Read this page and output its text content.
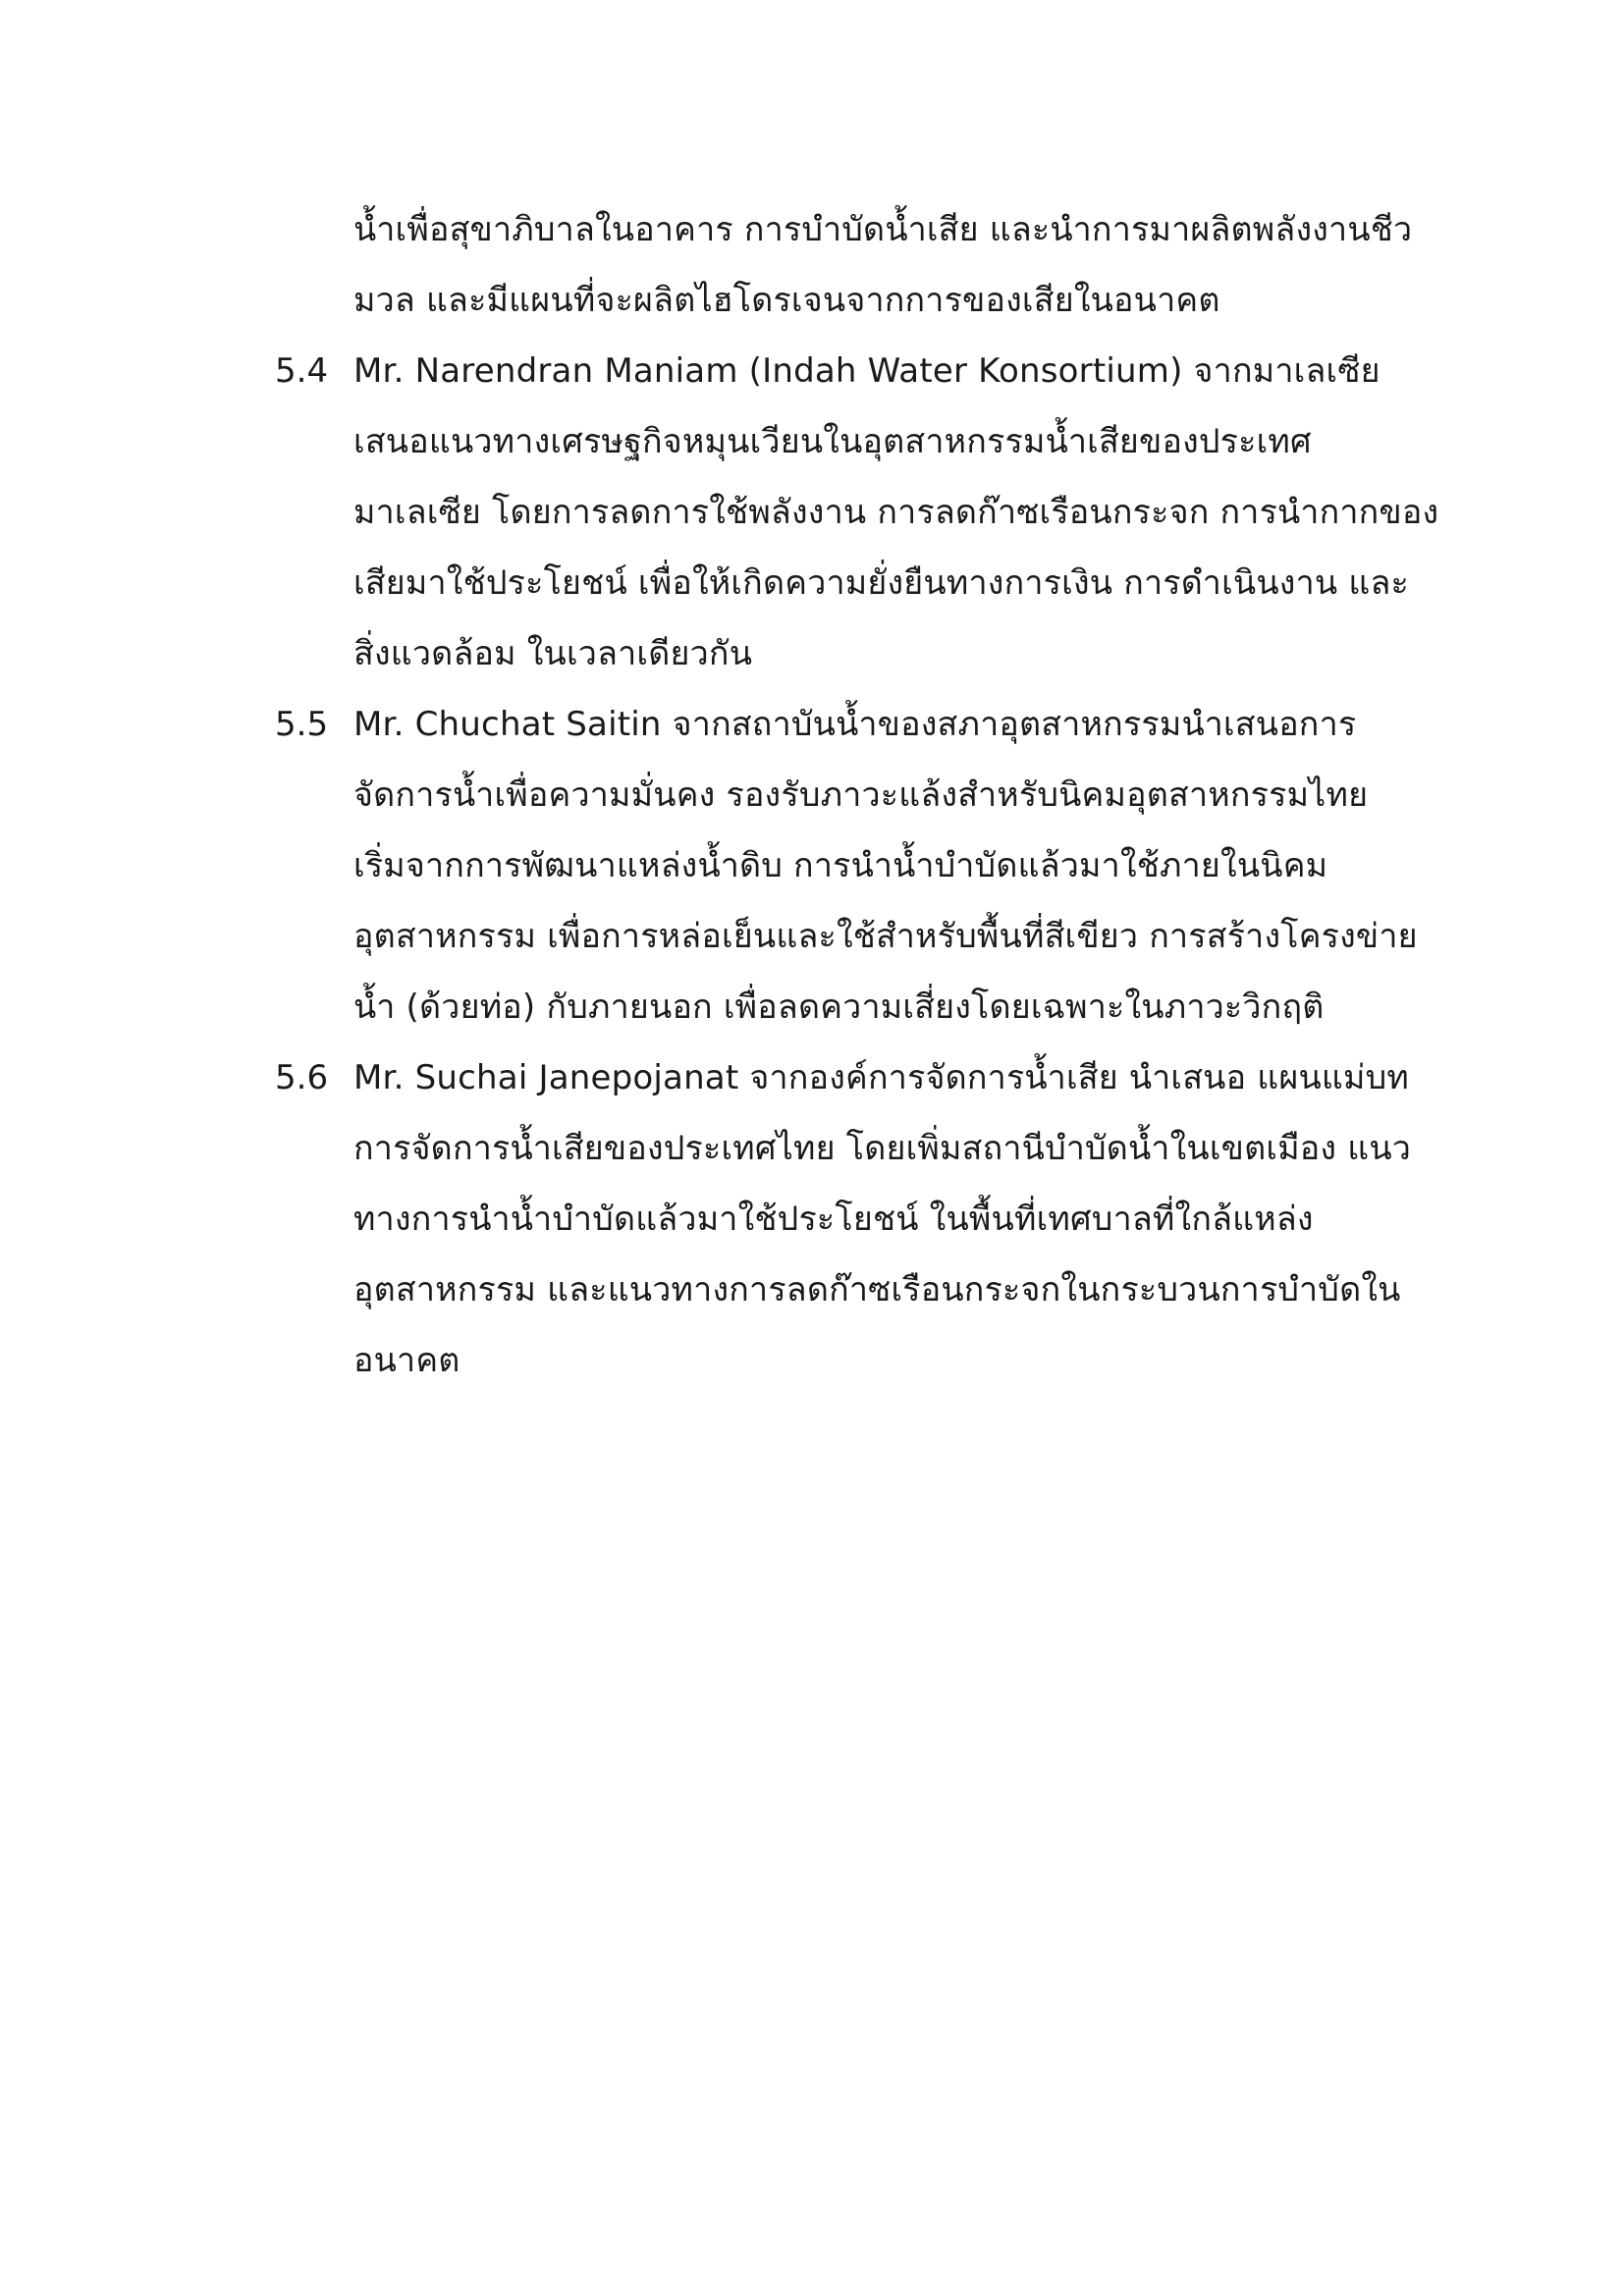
น้ำเพื่อสุขาภิบาลในอาคาร การบำบัดน้ำเสีย และนำการมาผลิตพลังงานชีว
มวล และมีแผนที่จะผลิตไฮโดรเจนจากการของเสียในอนาคต
5.4 Mr. Narendran Maniam (Indah Water Konsortium) จากมาเลเซีย
เสนอแนวทางเศรษฐกิจหมุนเวียนในอุตสาหกรรมน้ำเสียของประเทศ
มาเลเซีย โดยการลดการใช้พลังงาน การลดก๊าซเรือนกระจก การนำกากของ
เสียมาใช้ประโยชน์ เพื่อให้เกิดความยั่งยืนทางการเงิน การดำเนินงาน และ
สิ่งแวดล้อม ในเวลาเดียวกัน
5.5 Mr. Chuchat Saitin จากสถาบันน้ำของสภาอุตสาหกรรมนำเสนอการ
จัดการน้ำเพื่อความมั่นคง รองรับภาวะแล้งสำหรับนิคมอุตสาหกรรมไทย
เริ่มจากการพัฒนาแหล่งน้ำดิบ การนำน้ำบำบัดแล้วมาใช้ภายในนิคม
อุตสาหกรรม เพื่อการหล่อเย็นและใช้สำหรับพื้นที่สีเขียว การสร้างโครงข่าย
น้ำ (ด้วยท่อ) กับภายนอก เพื่อลดความเสี่ยงโดยเฉพาะในภาวะวิกฤติ
5.6 Mr. Suchai Janepojanat จากองค์การจัดการน้ำเสีย นำเสนอ แผนแม่บท
การจัดการน้ำเสียของประเทศไทย โดยเพิ่มสถานีบำบัดน้ำในเขตเมือง แนว
ทางการนำน้ำบำบัดแล้วมาใช้ประโยชน์ ในพื้นที่เทศบาลที่ใกล้แหล่ง
อุตสาหกรรม และแนวทางการลดก๊าซเรือนกระจกในกระบวนการบำบัดใน
อนาคต
